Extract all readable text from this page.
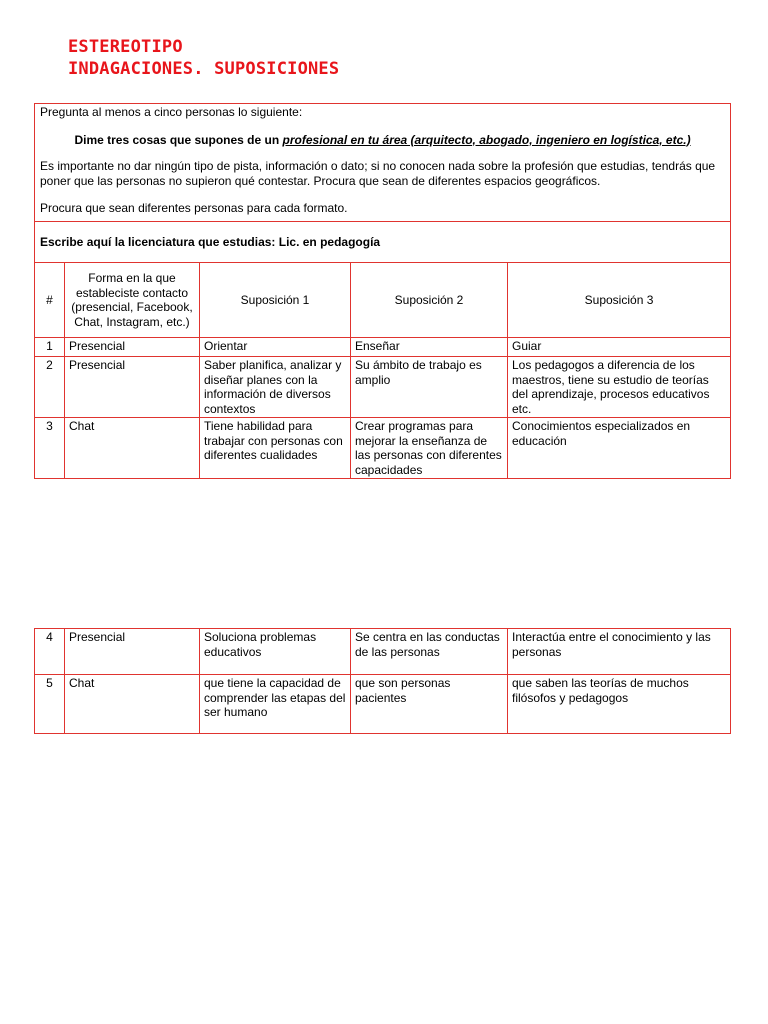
ESTEREOTIPO
INDAGACIONES. SUPOSICIONES

Pregunta al menos a cinco personas lo siguiente:

Dime tres cosas que supones de un profesional en tu área (arquitecto, abogado, ingeniero en logística, etc.)

Es importante no dar ningún tipo de pista, información o dato; si no conocen nada sobre la profesión que estudias, tendrás que poner que las personas no supieron qué contestar. Procura que sean de diferentes espacios geográficos.

Procura que sean diferentes personas para cada formato.				

Escribe aquí la licenciatura que estudias: Lic. en pedagogía				
#	Forma en la que estableciste contacto (presencial, Facebook, Chat, Instagram, etc.)	Suposición 1	Suposición 2	Suposición 3
1	Presencial	Orientar	Enseñar	Guiar
2	Presencial	Saber planifica, analizar y diseñar planes con la información de diversos contextos	Su ámbito de trabajo es amplio	Los pedagogos a diferencia de los maestros, tiene su estudio de teorías del aprendizaje, procesos educativos etc.
3	Chat	Tiene habilidad para trabajar con personas con diferentes cualidades	Crear programas para mejorar la enseñanza de las personas con diferentes capacidades	Conocimientos especializados en educación
4	Presencial	Soluciona problemas educativos	Se centra en las conductas de las personas	Interactúa entre el conocimiento y las personas
5	Chat	que tiene la capacidad de comprender las etapas del ser humano	que son personas pacientes	que saben las teorías de muchos filósofos y pedagogos
